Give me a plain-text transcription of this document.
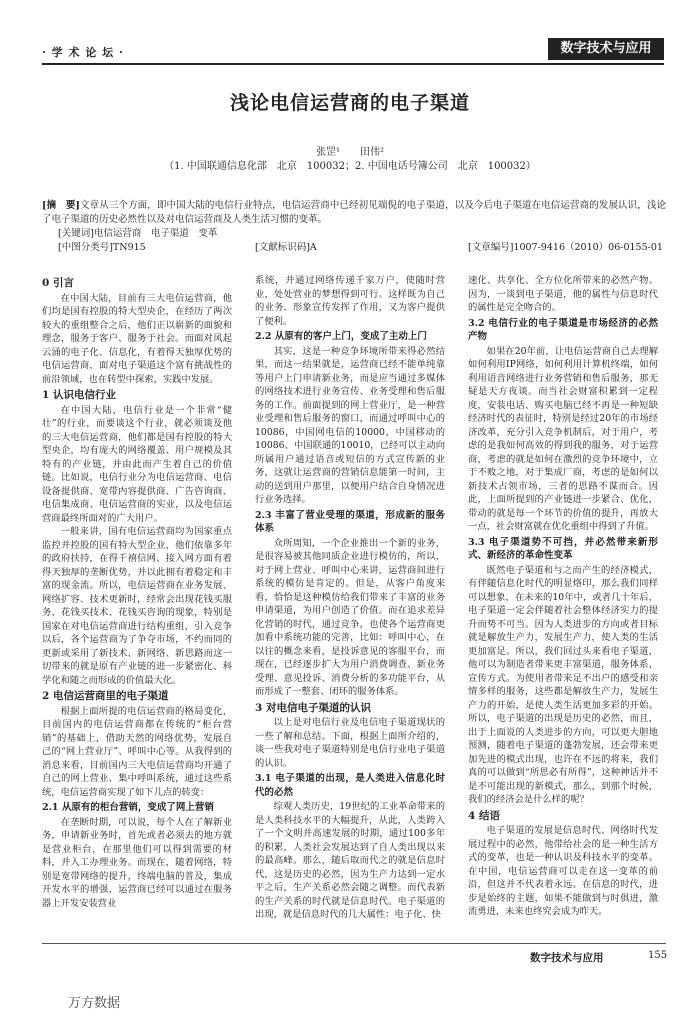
· 学 术 论 坛 ·	数字技术与应用
浅论电信运营商的电子渠道
张罡¹　　田伟²
（1. 中国联通信息化部　北京　100032；2. 中国电话号簿公司　北京　100032）
[摘　要]文章从三个方面，即中国大陆的电信行业特点，电信运营商中已经初见端倪的电子渠道，以及今后电子渠道在电信运营商的发展认识，浅论了电子渠道的历史必然性以及对电信运营商及人类生活习惯的变革。
[关键词]电信运营商　电子渠道　变革
[中图分类号]TN915	[文献标识码]A	[文章编号]1007-9416（2010）06-0155-01
0 引言

在中国大陆，目前有三大电信运营商，他们均是国有控股的特大型央企，在经历了两次较大的重组整合之后，他们正以崭新的面貌和理念，服务于客户、服务于社会。而面对风起云涌的电子化、信息化，有着得天独厚优势的电信运营商，面对电子渠道这个富有挑战性的前沿领域，也在转型中探索，实践中发展。

1 认识电信行业

在中国大陆，电信行业是一个非常“健壮”的行业，而要谈这个行业，就必须谈及他的三大电信运营商，他们都是国有控股的特大型央企，均有庞大的网络覆盖、用户规模及其特有的产业链，并由此而产生着自己的价值链。比如说，电信行业分为电信运营商、电信设备提供商、宽带内容提供商、广告咨询商、电信集成商、电信运营商的实业，以及电信运营商最终所面对的广大用户。

一般来讲，国有电信运营商均为国家重点监控并控股的国有特大型企业，他们依靠多年的政府扶持，在得千禧信网、接入网方面有着得天独厚的垄断优势，并以此拥有着稳定和丰富的现金流。所以，电信运营商在业务发展、网络扩容、技术更新时，经常会出现花钱买服务、花钱买技术、花钱买咨询的现象，特别是国家在对电信运营商进行结构重组，引入竞争以后，各个运营商为了争夺市场，不约而同的更新或采用了新技术、新网络、新思路而这一切带来的就是原有产业链的进一步紧密化、科学化和随之而形成的价值最大化。

2 电信运营商里的电子渠道

根据上面所提的电信运营商的格局变化，目前国内的电信运营商都在传统的“柜台营销”的基础上，借助天然的网络优势，发展自己的“网上营业厅”、呼叫中心等。从我得到的消息来看，目前国内三大电信运营商均开通了自己的网上营业、集中呼叫系统，通过这些系统，电信运营商实现了如下几点的转变：

2.1 从原有的柜台营销，变成了网上营销

在垄断时期，可以说，每个人在了解新业务，申请新业务时，首先或者必须去的地方就是营业柜台，在那里他们可以得到需要的材料，并入工办理业务。而现在，随着网络，特别是宽带网络的提升，终端电脑的普及，集成开发水平的增强，运营商已经可以通过在服务器上开发安装营业

系统，并通过网络传递千家万户，使随时营业，处处营业的梦想得到可行。这样既为自己的业务、形象宣传发挥了作用，又为客户提供了便利。

2.2 从原有的客户上门，变成了主动上门

其实，这是一种竞争环境所带来得必然结果，而这一结果就是，运营商已经不能单纯靠等用户上门申请新业务，而是应当通过多媒体的网络技术进行业务宣传、业务受理和售后服务的工作。前面提到的网上营业厅，是一种营业受理和售后服务的窗口，而通过呼叫中心的10086，中国网电信的10000，中国移动的10086、中国联通的10010，已经可以主动向所属用户通过语音或短信的方式宣传新的业务，这就让运营商的营销信息能第一时间，主动的送到用户那里，以便用户结合自身情况进行业务选择。

2.3 丰富了营业受理的渠道，形成新的服务体系

众所周知，一个企业推出一个新的业务，是很容易被其他同质企业进行模仿的，所以，对于网上营业、呼叫中心来讲，运营商间进行系统的模仿是肯定的。但是，从客户角度来看，恰恰是这种模仿给我们带来了丰富的业务申请渠道，为用户创造了价值。而在追求差异化营销的时代，通过竞争，也使各个运营商更加看中系统功能的完善，比如：呼叫中心，在以往的概念来看，是投诉意见的客服平台，而现在，已经逐步扩大为用户消费调查、新业务受理、意见投诉、消费分析的多功能平台，从而形成了一整套、闭环的服务体系。

3 对电信电子渠道的认识

以上是对电信行业及电信电子渠道现状的一些了解和总结。下面，根据上面所介绍的，谈一些我对电子渠道特别是电信行业电子渠道的认识。

3.1 电子渠道的出现，是人类进入信息化时代的必然

综观人类历史，19世纪的工业革命带来的是人类科技水平的大幅提升，从此，人类跨入了一个文明并高速发展的时期，通过100多年的积累，人类社会发展达到了自人类出现以来的最高峰。那么，随后取而代之的就是信息时代，这是历史的必然，因为生产力达到一定水平之后，生产关系必然会随之调整。而代表新的生产关系的时代就是信息时代。电子渠道的出现，就是信息时代的几大属性：电子化、快

速化、共享化、全方位化所带来的必然产物。因为，一谈到电子渠道，他的属性与信息时代的属性是完全吻合的。

3.2 电信行业的电子渠道是市场经济的必然产物

如果在20年前，让电信运营商自己去理解如何利用IP网络，如何利用计算机终端，如何利用语音网络进行业务营销和售后服务，那无疑是天方夜谈。而当社会财富积累到一定程度，安装电话、购买电脑已经不再是一种短缺经济时代的表征时，特别是经过20年的市场经济改革，充分引入竞争机制后，对于用户，考虑的是我如何高效的得到我的服务，对于运营商，考虑的就是如何在激烈的竞争环境中，立于不败之地，对于集成厂商，考虑的是如何以新技术占领市场，三者的思路不谋而合。因此，上面所提到的产业链进一步紧合、优化，带动的就是每一个环节的价值的提升，再放大一点，社会财富就在优化重组中得到了升值。

3.3 电子渠道势不可挡，并必然带来新形式、新经济的革命性变革

既然电子渠道和与之而产生的经济模式，有伴随信息化时代的明显烙印，那么我们同样可以想象，在未来的10年中，或者几十年后，电子渠道一定会伴随着社会整体经济实力的提升而势不可当。因为人类进步的方向或者目标就是解放生产力，发展生产力，使人类的生活更加富足。所以，我们回过头来看电子渠道，他可以为制造者带来更丰富渠道，服务体系，宣传方式。为使用者带来足不出户的感受和亲情多样的服务，这些都是解放生产力，发展生产力的开始，是使人类生活更加多彩的开始。所以，电子渠道的出现是历史的必然，而且，出于上面说的人类进步的方向，可以更大胆地预测，随着电子渠道的蓬勃发展，还会带来更加先进的模式出现，也许在不远的将来，我们真的可以做到“所思必有所得”，这种神话并不是不可能出现的新模式，那么，到那个时候，我们的经济会是什么样的呢？

4 结语

电子渠道的发展是信息时代、网络时代发展过程中的必然，他带给社会的是一种生活方式的变革，也是一种认识及科技水平的变革。在中国，电信运营商可以走在这一变革的前沿，但这并不代表着永远。在信息的时代，进步是始终的主题，如果不能做到与时俱进，激流勇进，未来也终究会成为昨天。

数字技术与应用	155
万方数据
